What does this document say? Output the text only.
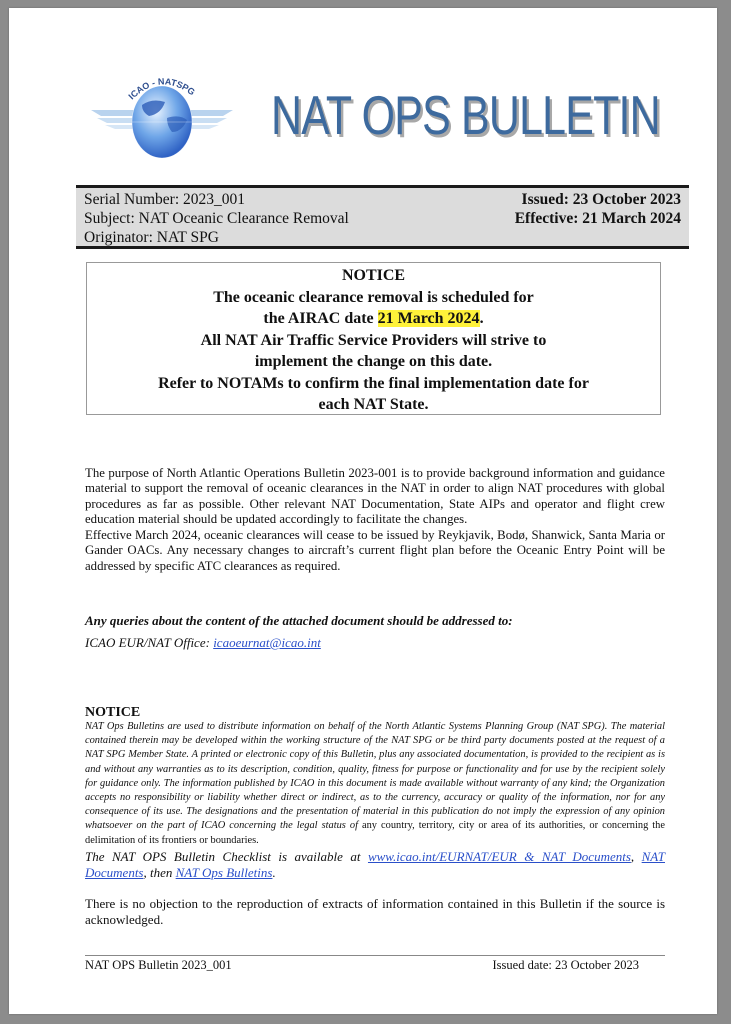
ICAO - NATSPG NAT OPS BULLETIN
Serial Number: 2023_001
Subject: NAT Oceanic Clearance Removal
Originator: NAT SPG
Issued: 23 October 2023
Effective: 21 March 2024
NOTICE
The oceanic clearance removal is scheduled for
the AIRAC date 21 March 2024.
All NAT Air Traffic Service Providers will strive to
implement the change on this date.
Refer to NOTAMs to confirm the final implementation date for
each NAT State.
The purpose of North Atlantic Operations Bulletin 2023-001 is to provide background information and guidance material to support the removal of oceanic clearances in the NAT in order to align NAT procedures with global procedures as far as possible. Other relevant NAT Documentation, State AIPs and operator and flight crew education material should be updated accordingly to facilitate the changes.
Effective March 2024, oceanic clearances will cease to be issued by Reykjavik, Bodø, Shanwick, Santa Maria or Gander OACs. Any necessary changes to aircraft’s current flight plan before the Oceanic Entry Point will be addressed by specific ATC clearances as required.
Any queries about the content of the attached document should be addressed to:
ICAO EUR/NAT Office: icaoeurnat@icao.int
NOTICE
NAT Ops Bulletins are used to distribute information on behalf of the North Atlantic Systems Planning Group (NAT SPG). The material contained therein may be developed within the working structure of the NAT SPG or be third party documents posted at the request of a NAT SPG Member State. A printed or electronic copy of this Bulletin, plus any associated documentation, is provided to the recipient as is and without any warranties as to its description, condition, quality, fitness for purpose or functionality and for use by the recipient solely for guidance only. The information published by ICAO in this document is made available without warranty of any kind; the Organization accepts no responsibility or liability whether direct or indirect, as to the currency, accuracy or quality of the information, nor for any consequence of its use. The designations and the presentation of material in this publication do not imply the expression of any opinion whatsoever on the part of ICAO concerning the legal status of any country, territory, city or area of its authorities, or concerning the delimitation of its frontiers or boundaries.
The NAT OPS Bulletin Checklist is available at www.icao.int/EURNAT/EUR & NAT Documents, NAT Documents, then NAT Ops Bulletins.
There is no objection to the reproduction of extracts of information contained in this Bulletin if the source is acknowledged.
NAT OPS Bulletin 2023_001	Issued date: 23 October 2023
